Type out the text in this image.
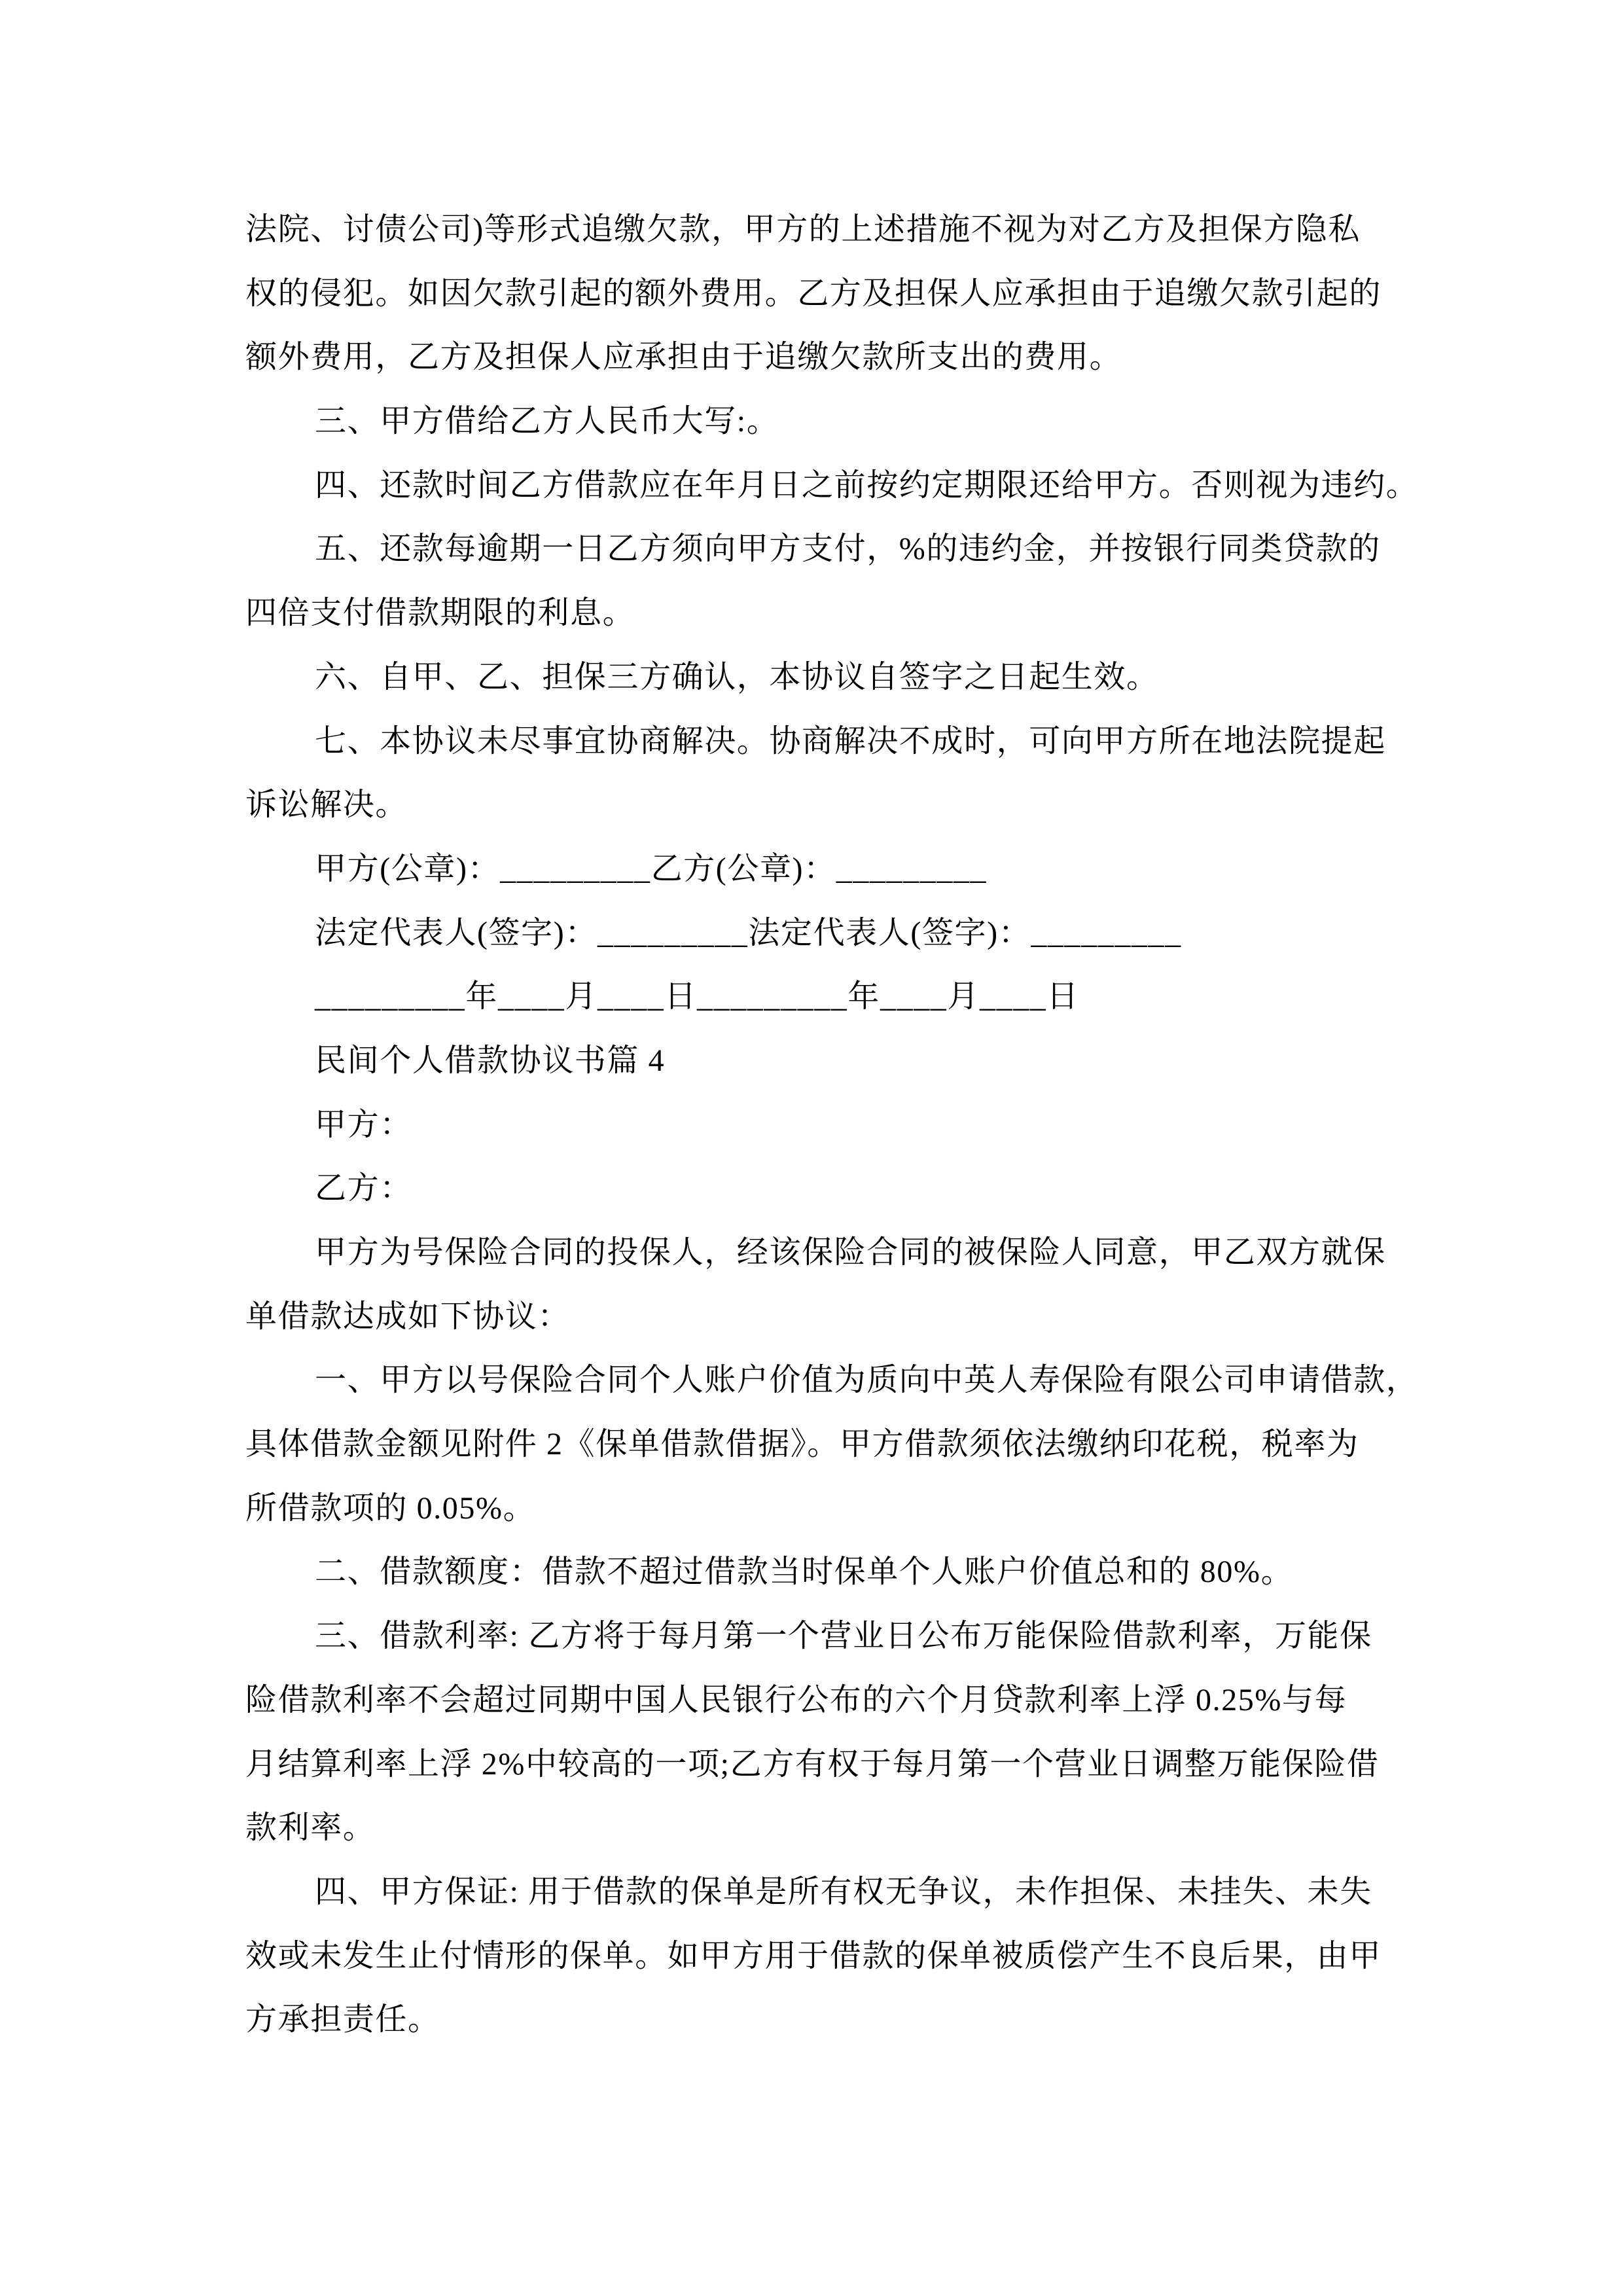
法院、讨债公司)等形式追缴欠款，甲方的上述措施不视为对乙方及担保方隐私
权的侵犯。如因欠款引起的额外费用。乙方及担保人应承担由于追缴欠款引起的
额外费用，乙方及担保人应承担由于追缴欠款所支出的费用。
三、甲方借给乙方人民币大写:。
四、还款时间乙方借款应在年月日之前按约定期限还给甲方。否则视为违约。
五、还款每逾期一日乙方须向甲方支付，%的违约金，并按银行同类贷款的
四倍支付借款期限的利息。
六、自甲、乙、担保三方确认，本协议自签字之日起生效。
七、本协议未尽事宜协商解决。协商解决不成时，可向甲方所在地法院提起
诉讼解决。
甲方(公章)：_________乙方(公章)：_________
法定代表人(签字)：_________法定代表人(签字)：_________
_________年____月____日_________年____月____日
民间个人借款协议书篇 4
甲方：
乙方：
甲方为号保险合同的投保人，经该保险合同的被保险人同意，甲乙双方就保
单借款达成如下协议：
一、甲方以号保险合同个人账户价值为质向中英人寿保险有限公司申请借款，
具体借款金额见附件 2《保单借款借据》。甲方借款须依法缴纳印花税，税率为
所借款项的 0.05%。
二、借款额度：借款不超过借款当时保单个人账户价值总和的 80%。
三、借款利率: 乙方将于每月第一个营业日公布万能保险借款利率，万能保
险借款利率不会超过同期中国人民银行公布的六个月贷款利率上浮 0.25%与每
月结算利率上浮 2%中较高的一项;乙方有权于每月第一个营业日调整万能保险借
款利率。
四、甲方保证: 用于借款的保单是所有权无争议，未作担保、未挂失、未失
效或未发生止付情形的保单。如甲方用于借款的保单被质偿产生不良后果，由甲
方承担责任。
